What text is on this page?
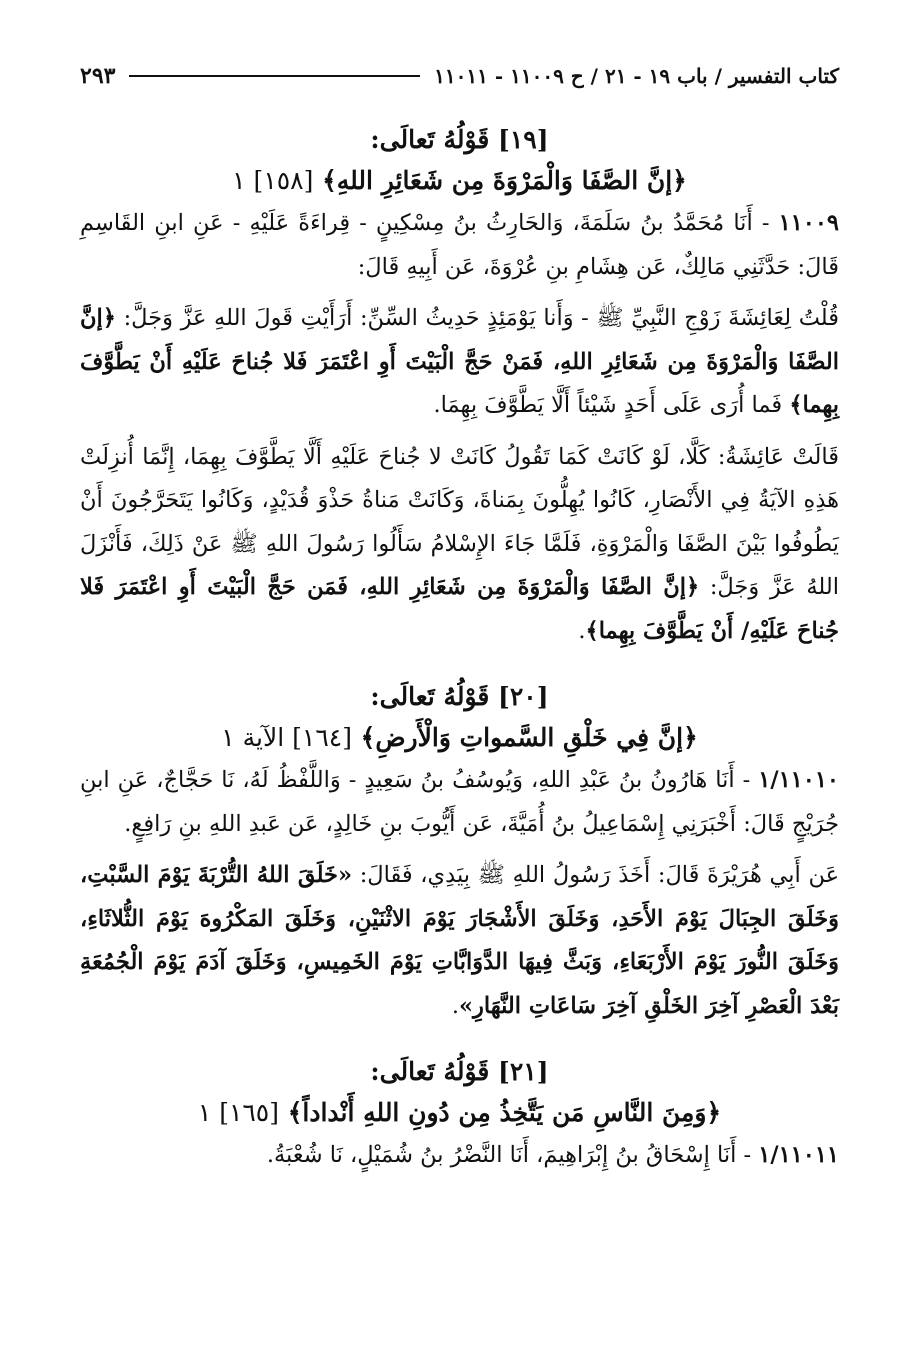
كتاب التفسير / باب ١٩ - ٢١ / ح ١١٠٠٩ - ١١٠١١
٢٩٣
[١٩] قَوْلُهُ تَعالَى:
﴿إنَّ الصَّفَا وَالْمَرْوَةَ مِن شَعَائِرِ اللهِ﴾ [١٥٨] ١

١١٠٠٩ - أَنَا مُحَمَّدُ بنُ سَلَمَةَ، وَالحَارِثُ بنُ مِسْكِينٍ - قِراءَةً عَلَيْهِ - عَنِ ابنِ القَاسِمِ قَالَ: حَدَّثَنِي مَالِكٌ، عَن هِشَامِ بنِ عُرْوَةَ، عَن أَبِيهِ قَالَ:

قُلْتُ لِعَائِشَةَ زَوْجِ النَّبِيِّ ﷺ - وَأَنا يَوْمَئِذٍ حَدِيثُ السِّنِّ: أَرَأَيْتِ قَولَ اللهِ عَزَّ وَجَلَّ: ﴿إنَّ الصَّفَا وَالْمَرْوَةَ مِن شَعَائِرِ اللهِ، فَمَنْ حَجَّ الْبَيْتَ أَوِ اعْتَمَرَ فَلا جُناحَ عَلَيْهِ أَنْ يَطَّوَّفَ بِهِما﴾ فَما أُرَى عَلَى أَحَدٍ شَيْئاً أَلَّا يَطَّوَّفَ بِهِمَا.

قَالَتْ عَائِشَةُ: كَلَّا، لَوْ كَانَتْ كَمَا تَقُولُ كَانَتْ لا جُناحَ عَلَيْهِ أَلَّا يَطَّوَّفَ بِهِمَا، إِنَّمَا أُنزِلَتْ هَذِهِ الآيَةُ فِي الأَنْصَارِ، كَانُوا يُهِلُّونَ بِمَناةَ، وَكَانَتْ مَناةُ حَذْوَ قُدَيْدٍ، وَكَانُوا يَتَحَرَّجُونَ أَنْ يَطُوفُوا بَيْنَ الصَّفَا وَالْمَرْوَةِ، فَلَمَّا جَاءَ الإِسْلامُ سَأَلُوا رَسُولَ اللهِ ﷺ عَنْ ذَلِكَ، فَأَنْزَلَ اللهُ عَزَّ وَجَلَّ: ﴿إنَّ الصَّفَا وَالْمَرْوَةَ مِن شَعَائِرِ اللهِ، فَمَن حَجَّ الْبَيْتَ أَوِ اعْتَمَرَ فَلا جُناحَ عَلَيْهِ/ أَنْ يَطَّوَّفَ بِهِما﴾.

[٢٠] قَوْلُهُ تَعالَى:
﴿إنَّ فِي خَلْقِ السَّمواتِ وَالْأَرضِ﴾ [١٦٤] الآية ١

١/١١٠١٠ - أَنَا هَارُونُ بنُ عَبْدِ اللهِ، وَيُوسُفُ بنُ سَعِيدٍ - وَاللَّفْظُ لَهُ، نَا حَجَّاجٌ، عَنِ ابنِ جُرَيْجٍ قَالَ: أَخْبَرَنِي إِسْمَاعِيلُ بنُ أُمَيَّةَ، عَن أَيُّوبَ بنِ خَالِدٍ، عَن عَبدِ اللهِ بنِ رَافِعٍ.

عَن أَبِي هُرَيْرَةَ قَالَ: أَخَذَ رَسُولُ اللهِ ﷺ بِيَدِي، فَقَالَ: «خَلَقَ اللهُ التُّرْبَةَ يَوْمَ السَّبْتِ، وَخَلَقَ الجِبَالَ يَوْمَ الأَحَدِ، وَخَلَقَ الأَشْجَارَ يَوْمَ الاثْنَيْنِ، وَخَلَقَ المَكْرُوهَ يَوْمَ الثُّلاثَاءِ، وَخَلَقَ النُّورَ يَوْمَ الأَرْبَعَاءِ، وَبَثَّ فِيهَا الدَّوَابَّاتِ يَوْمَ الخَمِيسِ، وَخَلَقَ آدَمَ يَوْمَ الْجُمُعَةِ بَعْدَ الْعَصْرِ آخِرَ الخَلْقِ آخِرَ سَاعَاتِ النَّهَارِ».

[٢١] قَوْلُهُ تَعالَى:
﴿وَمِنَ النَّاسِ مَن يَتَّخِذُ مِن دُونِ اللهِ أَنْداداً﴾ [١٦٥] ١

١/١١٠١١ - أَنَا إِسْحَاقُ بنُ إِبْرَاهِيمَ، أَنَا النَّضْرُ بنُ شُمَيْلٍ، نَا شُعْبَةُ.
